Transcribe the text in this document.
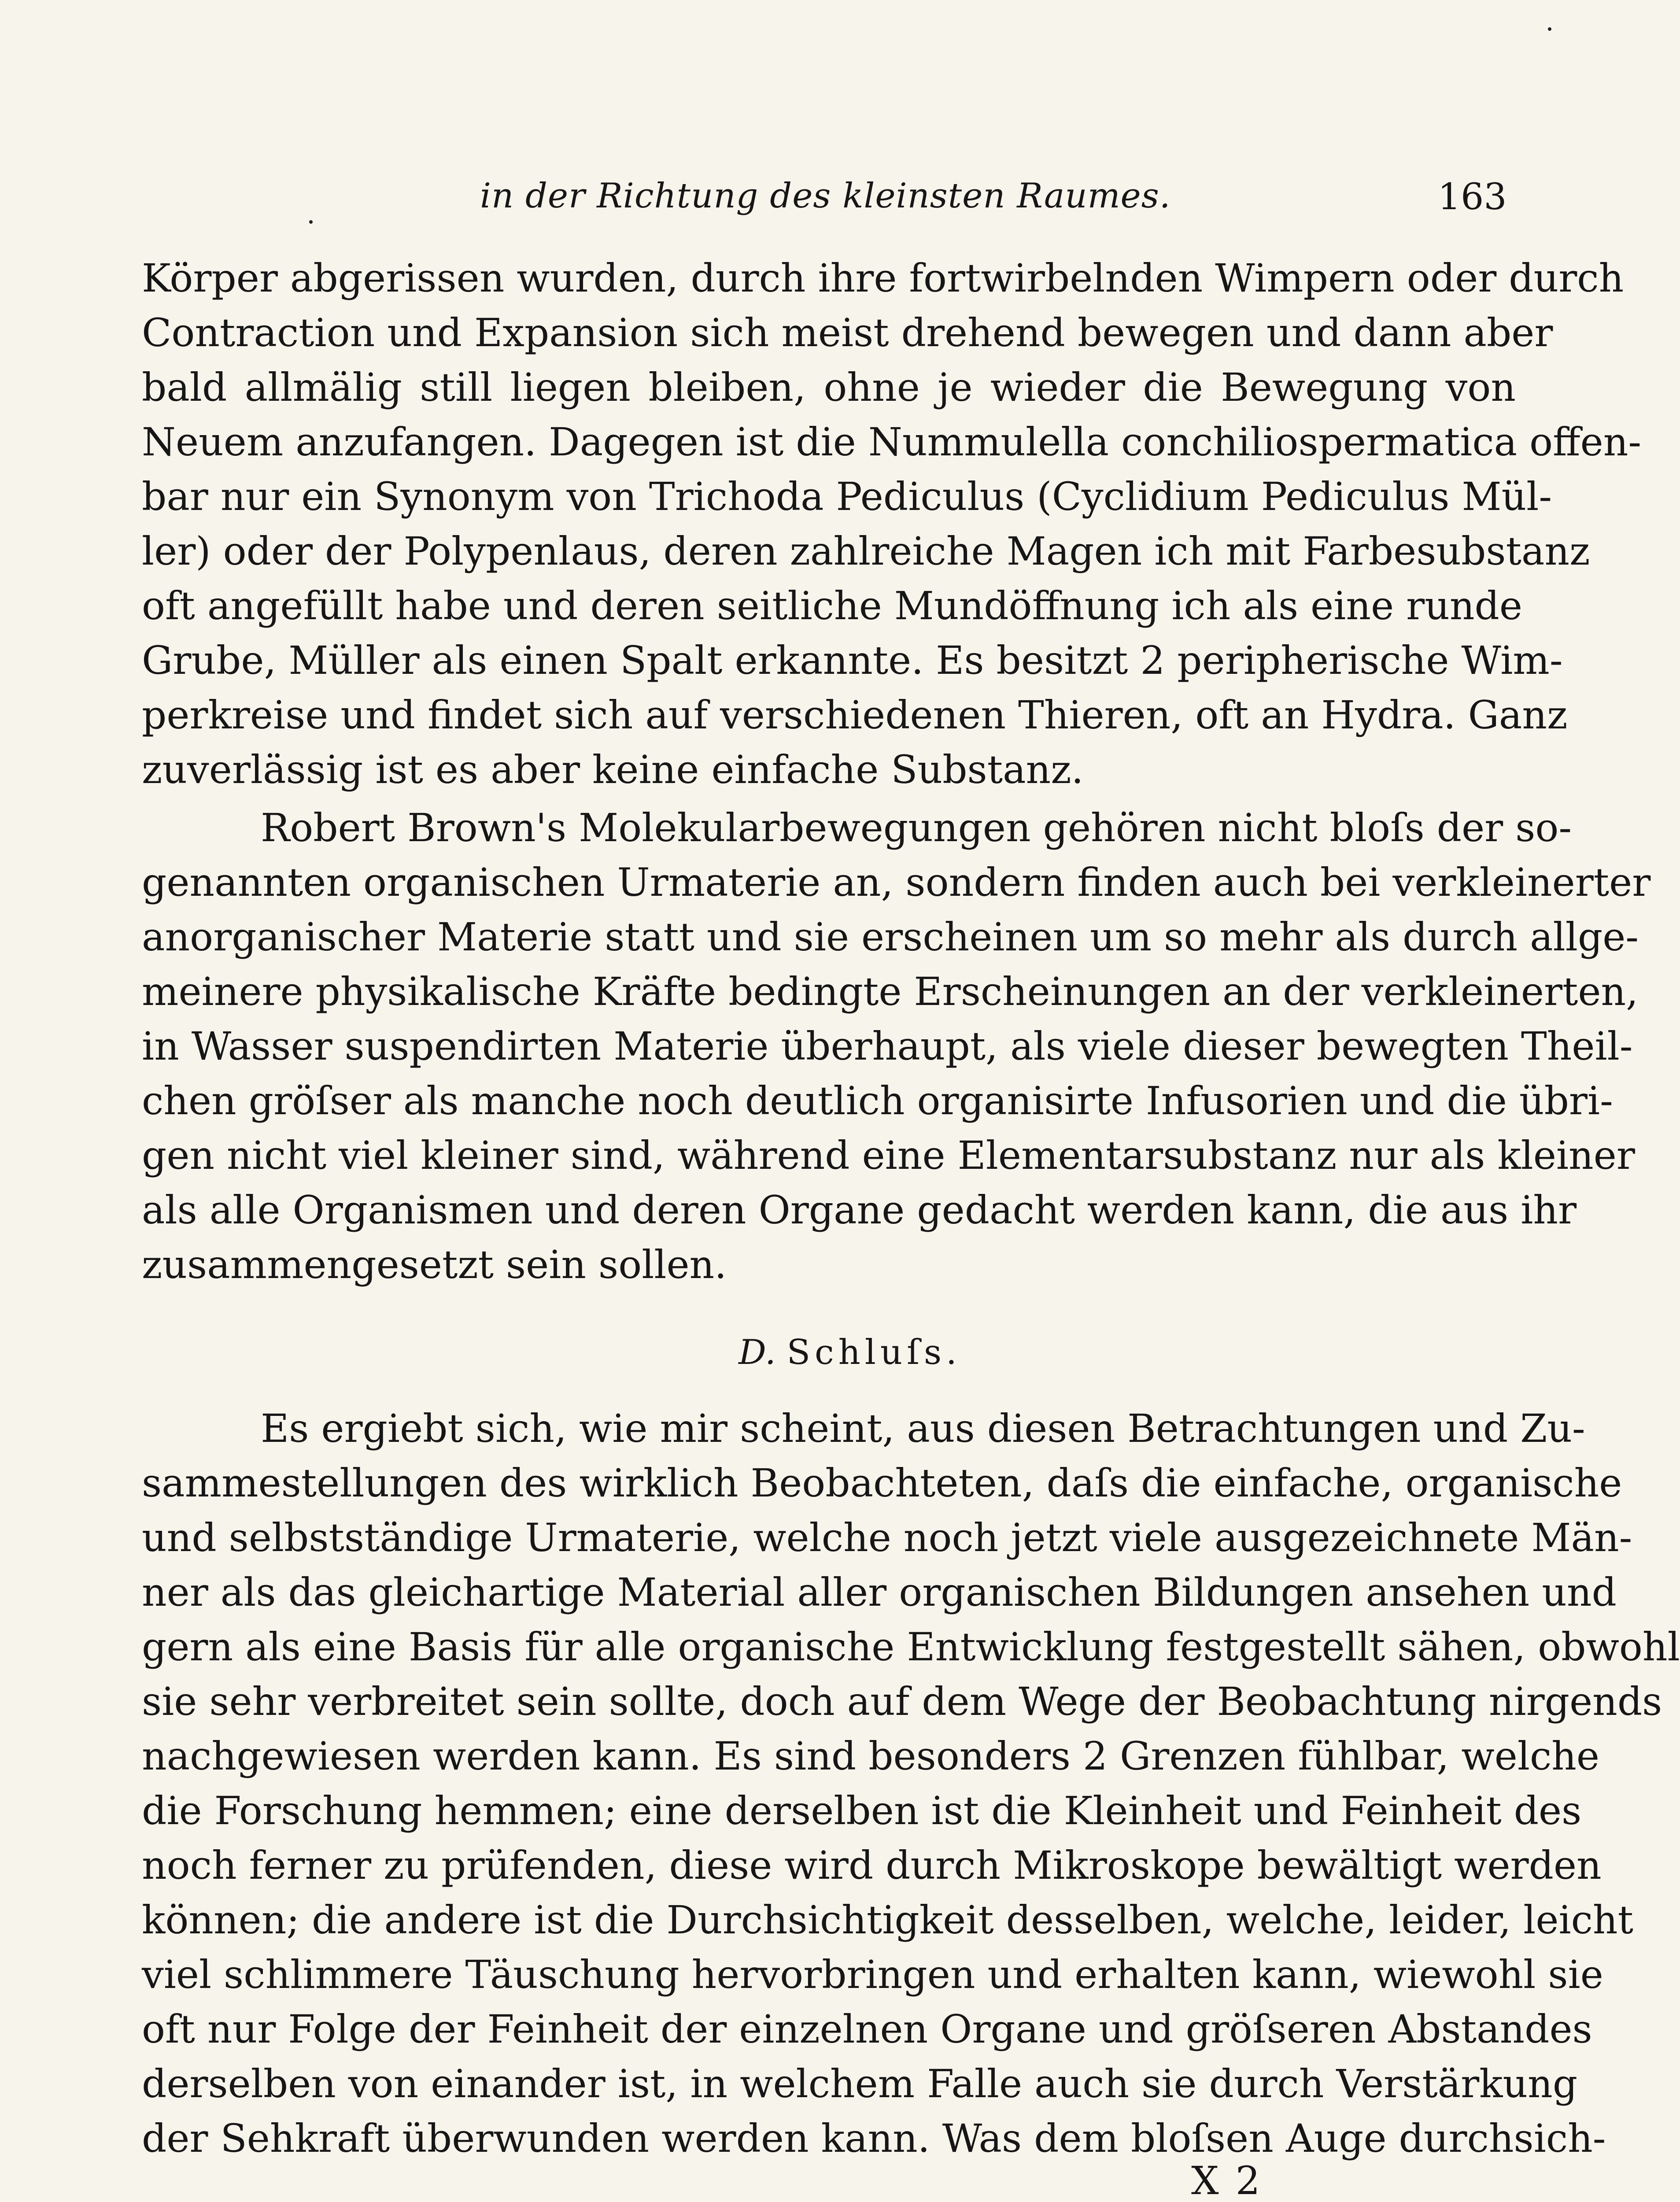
in der Richtung des kleinsten Raumes.	163
Körper abgerissen wurden, durch ihre fortwirbelnden Wimpern oder durch
Contraction und Expansion sich meist drehend bewegen und dann aber
bald allmälig still liegen bleiben, ohne je wieder die Bewegung von
Neuem anzufangen. Dagegen ist die Nummulella conchiliospermatica offen-
bar nur ein Synonym von Trichoda Pediculus (Cyclidium Pediculus Mül-
ler) oder der Polypenlaus, deren zahlreiche Magen ich mit Farbesubstanz
oft angefüllt habe und deren seitliche Mundöffnung ich als eine runde
Grube, Müller als einen Spalt erkannte. Es besitzt 2 peripherische Wim-
perkreise und findet sich auf verschiedenen Thieren, oft an Hydra. Ganz
zuverlässig ist es aber keine einfache Substanz.
Robert Brown's Molekularbewegungen gehören nicht bloſs der so-
genannten organischen Urmaterie an, sondern finden auch bei verkleinerter
anorganischer Materie statt und sie erscheinen um so mehr als durch allge-
meinere physikalische Kräfte bedingte Erscheinungen an der verkleinerten,
in Wasser suspendirten Materie überhaupt, als viele dieser bewegten Theil-
chen gröſser als manche noch deutlich organisirte Infusorien und die übri-
gen nicht viel kleiner sind, während eine Elementarsubstanz nur als kleiner
als alle Organismen und deren Organe gedacht werden kann, die aus ihr
zusammengesetzt sein sollen.
D. Schluſs.
Es ergiebt sich, wie mir scheint, aus diesen Betrachtungen und Zu-
sammestellungen des wirklich Beobachteten, daſs die einfache, organische
und selbstständige Urmaterie, welche noch jetzt viele ausgezeichnete Män-
ner als das gleichartige Material aller organischen Bildungen ansehen und
gern als eine Basis für alle organische Entwicklung festgestellt sähen, obwohl
sie sehr verbreitet sein sollte, doch auf dem Wege der Beobachtung nirgends
nachgewiesen werden kann. Es sind besonders 2 Grenzen fühlbar, welche
die Forschung hemmen; eine derselben ist die Kleinheit und Feinheit des
noch ferner zu prüfenden, diese wird durch Mikroskope bewältigt werden
können; die andere ist die Durchsichtigkeit desselben, welche, leider, leicht
viel schlimmere Täuschung hervorbringen und erhalten kann, wiewohl sie
oft nur Folge der Feinheit der einzelnen Organe und gröſseren Abstandes
derselben von einander ist, in welchem Falle auch sie durch Verstärkung
der Sehkraft überwunden werden kann. Was dem bloſsen Auge durchsich-
X 2
